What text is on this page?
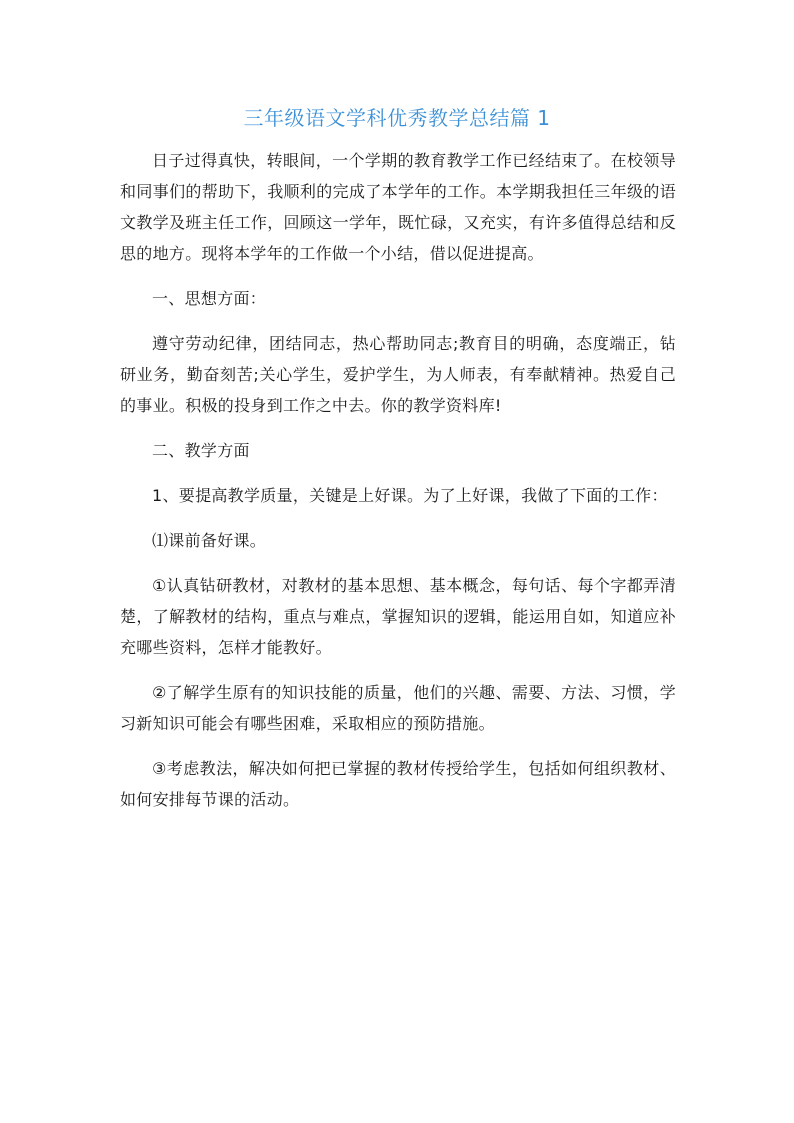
三年级语文学科优秀教学总结篇 1

日子过得真快，转眼间，一个学期的教育教学工作已经结束了。在校领导和同事们的帮助下，我顺利的完成了本学年的工作。本学期我担任三年级的语文教学及班主任工作，回顾这一学年，既忙碌，又充实，有许多值得总结和反思的地方。现将本学年的工作做一个小结，借以促进提高。

一、思想方面：

遵守劳动纪律，团结同志，热心帮助同志;教育目的明确，态度端正，钻研业务，勤奋刻苦;关心学生，爱护学生，为人师表，有奉献精神。热爱自己的事业。积极的投身到工作之中去。你的教学资料库!

二、教学方面

1、要提高教学质量，关键是上好课。为了上好课，我做了下面的工作：

⑴课前备好课。

①认真钻研教材，对教材的基本思想、基本概念，每句话、每个字都弄清楚，了解教材的结构，重点与难点，掌握知识的逻辑，能运用自如，知道应补充哪些资料，怎样才能教好。

②了解学生原有的知识技能的质量，他们的兴趣、需要、方法、习惯，学习新知识可能会有哪些困难，采取相应的预防措施。

③考虑教法，解决如何把已掌握的教材传授给学生，包括如何组织教材、如何安排每节课的活动。
